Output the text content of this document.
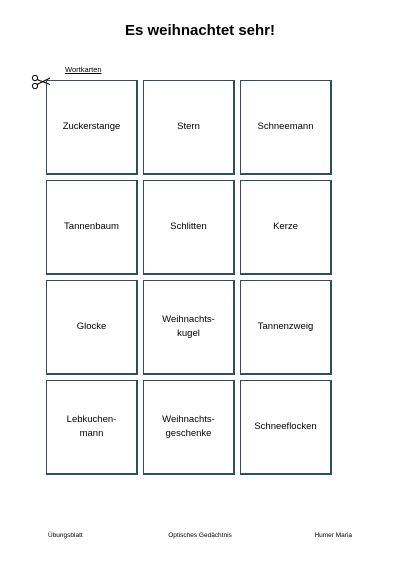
Es weihnachtet sehr!
Wortkarten
Zuckerstange	Stern	Schneemann
Tannenbaum	Schlitten	Kerze
Glocke
Weihnachts-
kugel
Tannenzweig
Lebkuchen-
mann
Weihnachts-
geschenke
Schneeflocken
Übungsblatt	Optisches Gedächtnis	Humer Maria
